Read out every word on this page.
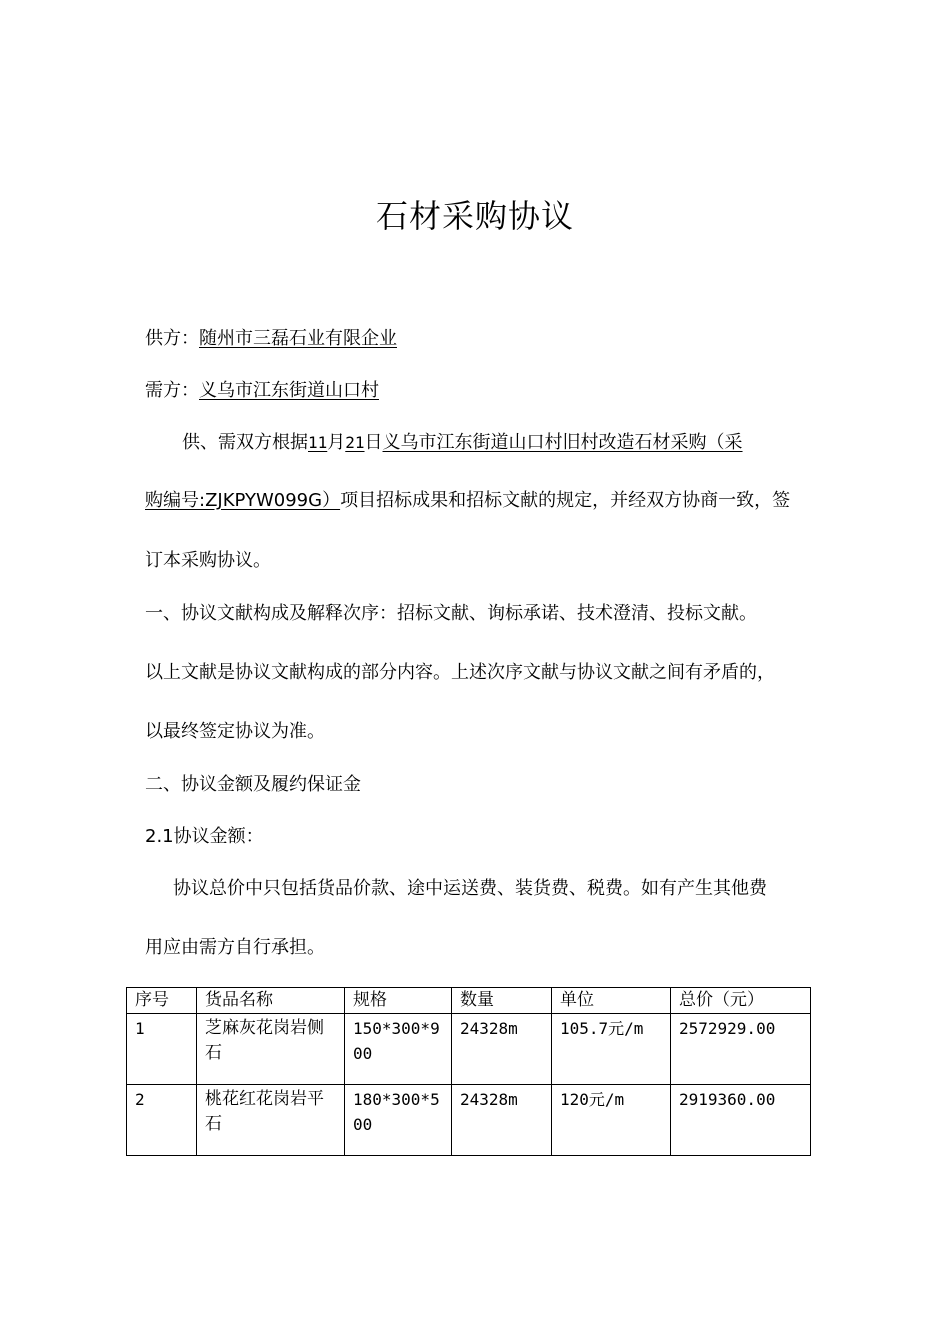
石材采购协议
供方：随州市三磊石业有限企业
需方：义乌市江东街道山口村
供、需双方根据11月21日义乌市江东街道山口村旧村改造石材采购（采
购编号:ZJKPYW099G）项目招标成果和招标文献的规定，并经双方协商一致，签
订本采购协议。
一、协议文献构成及解释次序：招标文献、询标承诺、技术澄清、投标文献。
以上文献是协议文献构成的部分内容。上述次序文献与协议文献之间有矛盾的，
以最终签定协议为准。
二、协议金额及履约保证金
2.1协议金额：
协议总价中只包括货品价款、途中运送费、装货费、税费。如有产生其他费
用应由需方自行承担。
序号	货品名称	规格	数量	单位	总价（元）
1	芝麻灰花岗岩侧石	150*300*900	24328m	105.7元/m	2572929.00
2	桃花红花岗岩平石	180*300*500	24328m	120元/m	2919360.00
